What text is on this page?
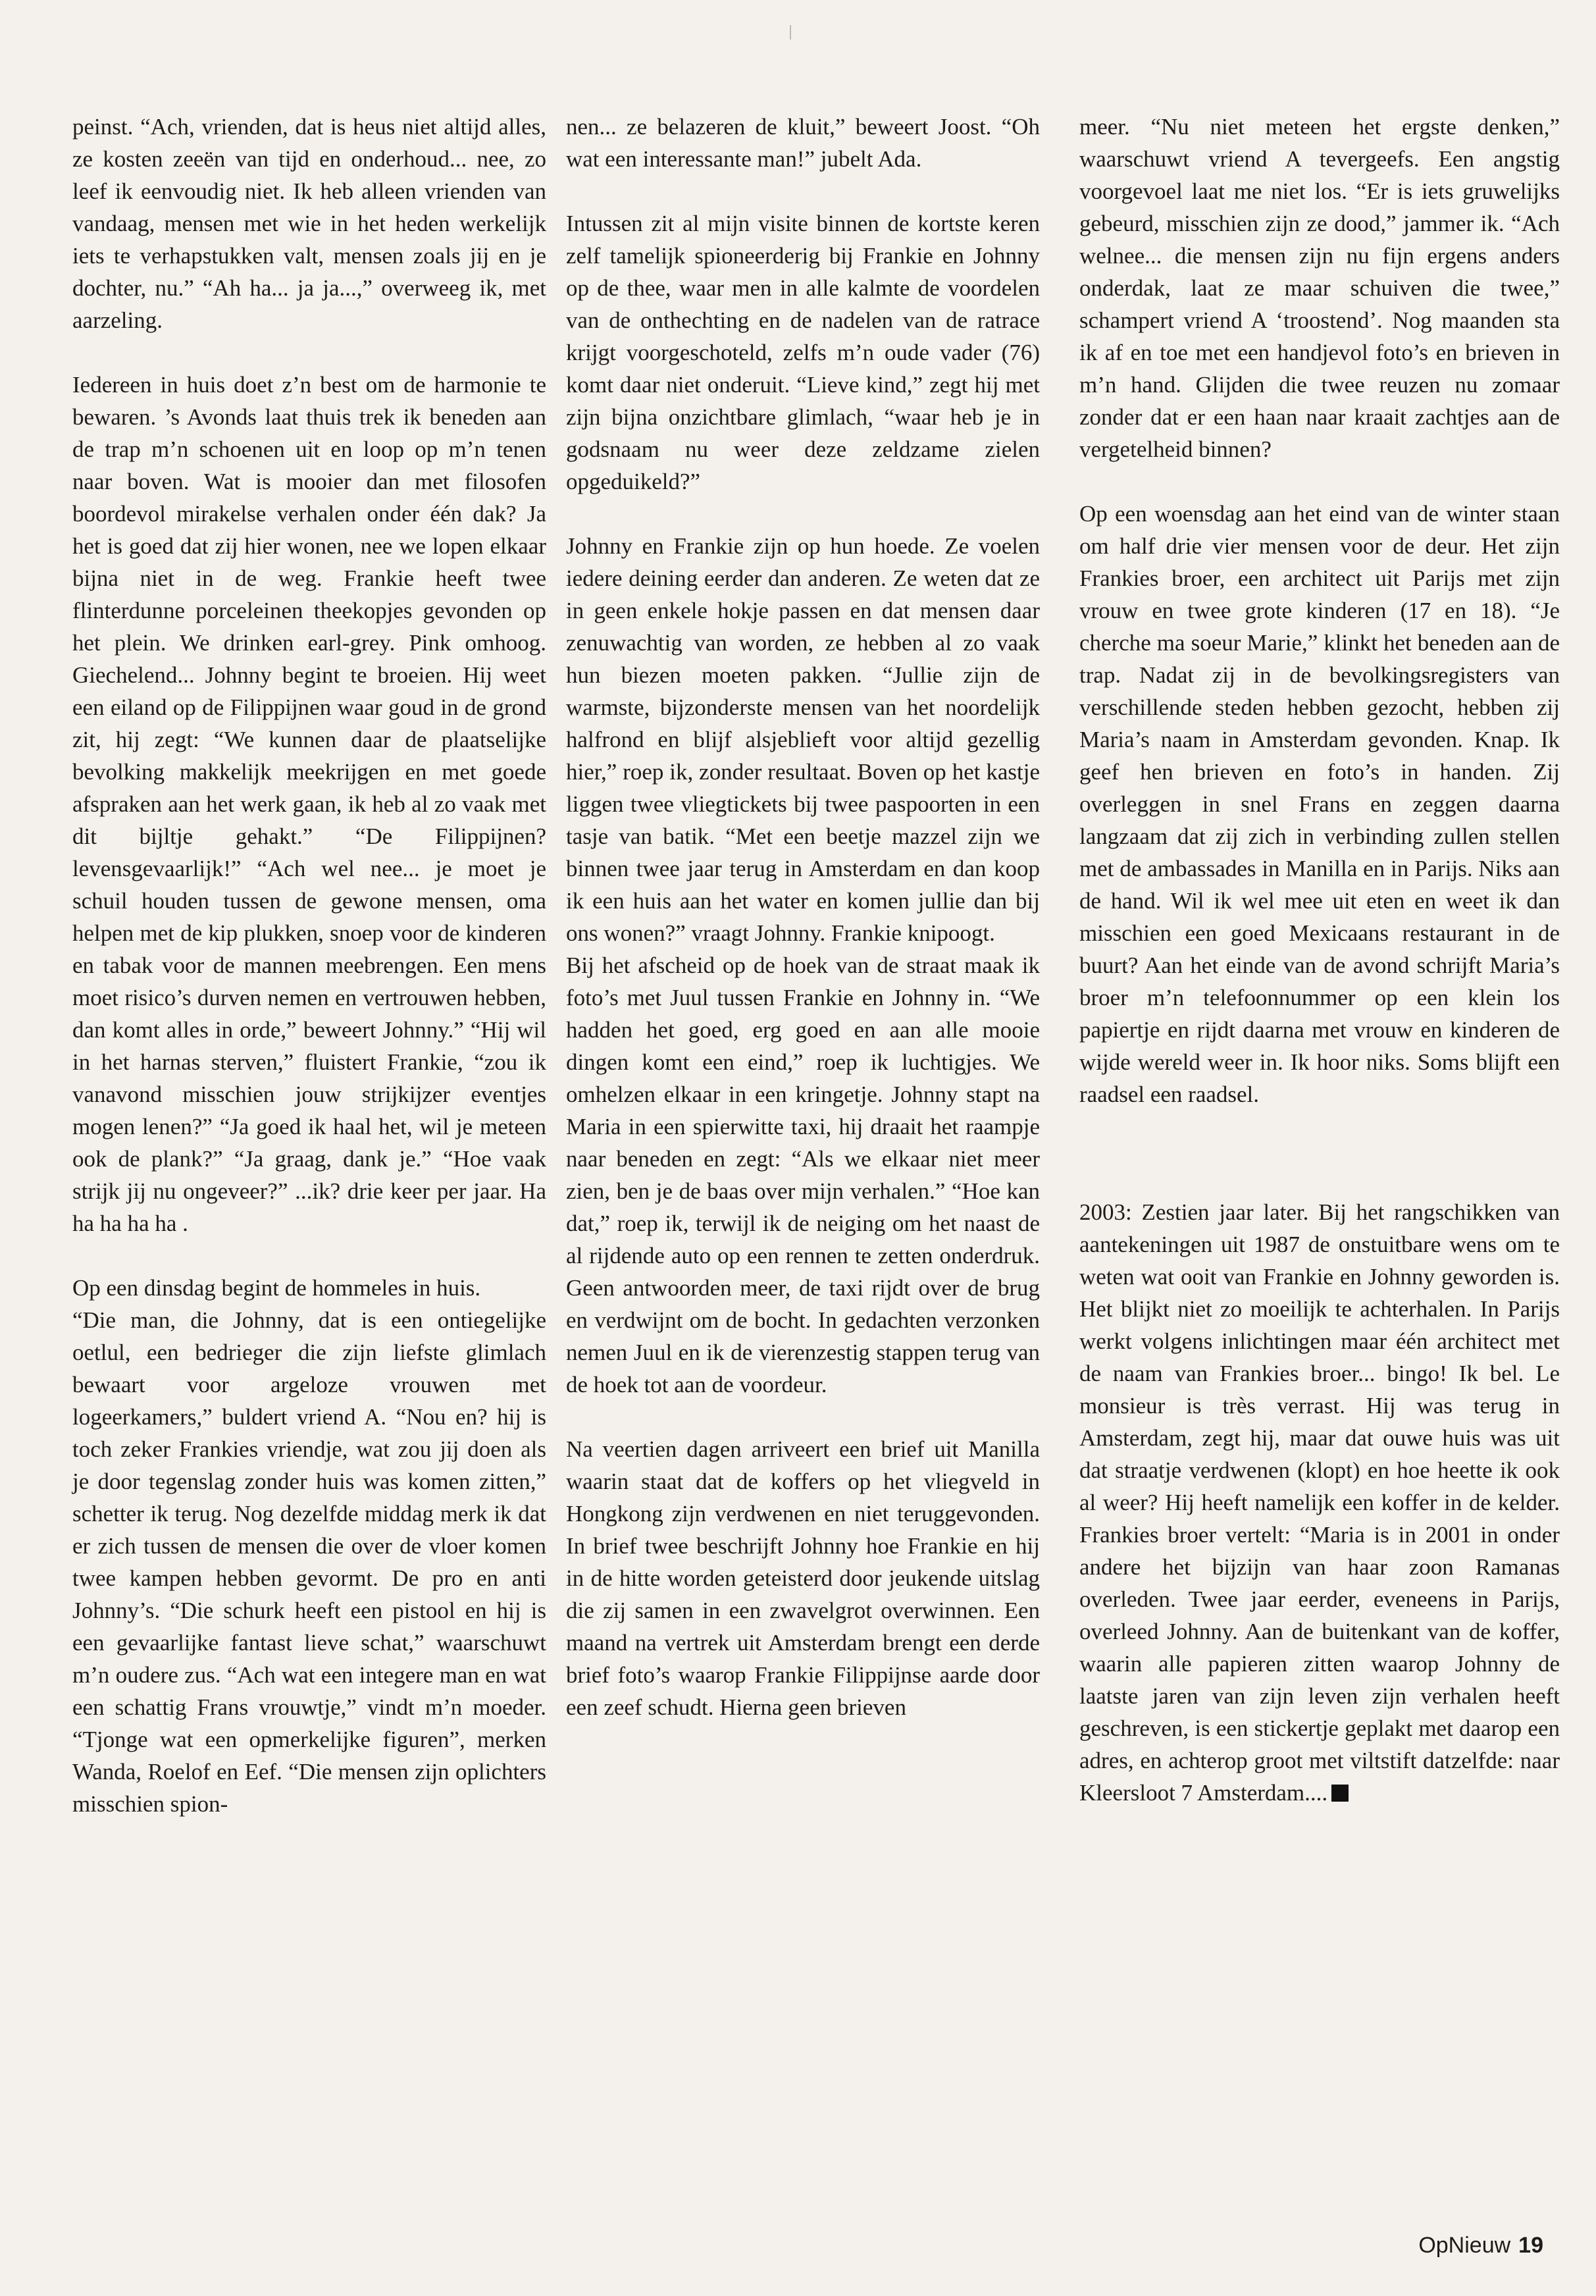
peinst. “Ach, vrienden, dat is heus niet altijd alles, ze kosten zeeën van tijd en onderhoud... nee, zo leef ik eenvoudig niet. Ik heb alleen vrienden van vandaag, mensen met wie in het heden werkelijk iets te verhapstukken valt, mensen zoals jij en je dochter, nu.” “Ah ha... ja ja...,” overweeg ik, met aarzeling.

Iedereen in huis doet z’n best om de harmonie te bewaren. ’s Avonds laat thuis trek ik beneden aan de trap m’n schoenen uit en loop op m’n tenen naar boven. Wat is mooier dan met filosofen boordevol mirakelse verhalen onder één dak? Ja het is goed dat zij hier wonen, nee we lopen elkaar bijna niet in de weg. Frankie heeft twee flinterdunne porceleinen theekopjes gevonden op het plein. We drinken earl-grey. Pink omhoog. Giechelend... Johnny begint te broeien. Hij weet een eiland op de Filippijnen waar goud in de grond zit, hij zegt: “We kunnen daar de plaatselijke bevolking makkelijk meekrijgen en met goede afspraken aan het werk gaan, ik heb al zo vaak met dit bijltje gehakt.” “De Filippijnen? levensgevaarlijk!” “Ach wel nee... je moet je schuil houden tussen de gewone mensen, oma helpen met de kip plukken, snoep voor de kinderen en tabak voor de mannen meebrengen. Een mens moet risico’s durven nemen en vertrouwen hebben, dan komt alles in orde,” beweert Johnny.” “Hij wil in het harnas sterven,” fluistert Frankie, “zou ik vanavond misschien jouw strijkijzer eventjes mogen lenen?” “Ja goed ik haal het, wil je meteen ook de plank?” “Ja graag, dank je.” “Hoe vaak strijk jij nu ongeveer?” ...ik? drie keer per jaar. Ha ha ha ha ha .

Op een dinsdag begint de hommeles in huis.

“Die man, die Johnny, dat is een ontiegelijke oetlul, een bedrieger die zijn liefste glimlach bewaart voor argeloze vrouwen met logeerkamers,” buldert vriend A. “Nou en? hij is toch zeker Frankies vriendje, wat zou jij doen als je door tegenslag zonder huis was komen zitten,” schetter ik terug. Nog dezelfde middag merk ik dat er zich tussen de mensen die over de vloer komen twee kampen hebben gevormt. De pro en anti Johnny’s. “Die schurk heeft een pistool en hij is een gevaarlijke fantast lieve schat,” waarschuwt m’n oudere zus. “Ach wat een integere man en wat een schattig Frans vrouwtje,” vindt m’n moeder. “Tjonge wat een opmerkelijke figuren”, merken Wanda, Roelof en Eef. “Die mensen zijn oplichters misschien spion-

nen... ze belazeren de kluit,” beweert Joost. “Oh wat een interessante man!” jubelt Ada.

Intussen zit al mijn visite binnen de kortste keren zelf tamelijk spioneerderig bij Frankie en Johnny op de thee, waar men in alle kalmte de voordelen van de onthechting en de nadelen van de ratrace krijgt voorgeschoteld, zelfs m’n oude vader (76) komt daar niet onderuit. “Lieve kind,” zegt hij met zijn bijna onzichtbare glimlach, “waar heb je in godsnaam nu weer deze zeldzame zielen opgeduikeld?”

Johnny en Frankie zijn op hun hoede. Ze voelen iedere deining eerder dan anderen. Ze weten dat ze in geen enkele hokje passen en dat mensen daar zenuwachtig van worden, ze hebben al zo vaak hun biezen moeten pakken. “Jullie zijn de warmste, bijzonderste mensen van het noordelijk halfrond en blijf alsjeblieft voor altijd gezellig hier,” roep ik, zonder resultaat. Boven op het kastje liggen twee vliegtickets bij twee paspoorten in een tasje van batik. “Met een beetje mazzel zijn we binnen twee jaar terug in Amsterdam en dan koop ik een huis aan het water en komen jullie dan bij ons wonen?” vraagt Johnny. Frankie knipoogt.

Bij het afscheid op de hoek van de straat maak ik foto’s met Juul tussen Frankie en Johnny in. “We hadden het goed, erg goed en aan alle mooie dingen komt een eind,” roep ik luchtigjes. We omhelzen elkaar in een kringetje. Johnny stapt na Maria in een spierwitte taxi, hij draait het raampje naar beneden en zegt: “Als we elkaar niet meer zien, ben je de baas over mijn verhalen.” “Hoe kan dat,” roep ik, terwijl ik de neiging om het naast de al rijdende auto op een rennen te zetten onderdruk. Geen antwoorden meer, de taxi rijdt over de brug en verdwijnt om de bocht. In gedachten verzonken nemen Juul en ik de vierenzestig stappen terug van de hoek tot aan de voordeur.

Na veertien dagen arriveert een brief uit Manilla waarin staat dat de koffers op het vliegveld in Hongkong zijn verdwenen en niet teruggevonden. In brief twee beschrijft Johnny hoe Frankie en hij in de hitte worden geteisterd door jeukende uitslag die zij samen in een zwavelgrot overwinnen. Een maand na vertrek uit Amsterdam brengt een derde brief foto’s waarop Frankie Filippijnse aarde door een zeef schudt. Hierna geen brieven

meer. “Nu niet meteen het ergste denken,” waarschuwt vriend A tevergeefs. Een angstig voorgevoel laat me niet los. “Er is iets gruwelijks gebeurd, misschien zijn ze dood,” jammer ik. “Ach welnee... die mensen zijn nu fijn ergens anders onderdak, laat ze maar schuiven die twee,” schampert vriend A ‘troostend’. Nog maanden sta ik af en toe met een handjevol foto’s en brieven in m’n hand. Glijden die twee reuzen nu zomaar zonder dat er een haan naar kraait zachtjes aan de vergetelheid binnen?

Op een woensdag aan het eind van de winter staan om half drie vier mensen voor de deur. Het zijn Frankies broer, een architect uit Parijs met zijn vrouw en twee grote kinderen (17 en 18). “Je cherche ma soeur Marie,” klinkt het beneden aan de trap. Nadat zij in de bevolkingsregisters van verschillende steden hebben gezocht, hebben zij Maria’s naam in Amsterdam gevonden. Knap. Ik geef hen brieven en foto’s in handen. Zij overleggen in snel Frans en zeggen daarna langzaam dat zij zich in verbinding zullen stellen met de ambassades in Manilla en in Parijs. Niks aan de hand. Wil ik wel mee uit eten en weet ik dan misschien een goed Mexicaans restaurant in de buurt? Aan het einde van de avond schrijft Maria’s broer m’n telefoonnummer op een klein los papiertje en rijdt daarna met vrouw en kinderen de wijde wereld weer in. Ik hoor niks. Soms blijft een raadsel een raadsel.

2003: Zestien jaar later. Bij het rangschikken van aantekeningen uit 1987 de onstuitbare wens om te weten wat ooit van Frankie en Johnny geworden is. Het blijkt niet zo moeilijk te achterhalen. In Parijs werkt volgens inlichtingen maar één architect met de naam van Frankies broer... bingo! Ik bel. Le monsieur is très verrast. Hij was terug in Amsterdam, zegt hij, maar dat ouwe huis was uit dat straatje verdwenen (klopt) en hoe heette ik ook al weer? Hij heeft namelijk een koffer in de kelder. Frankies broer vertelt: “Maria is in 2001 in onder andere het bijzijn van haar zoon Ramanas overleden. Twee jaar eerder, eveneens in Parijs, overleed Johnny. Aan de buitenkant van de koffer, waarin alle papieren zitten waarop Johnny de laatste jaren van zijn leven zijn verhalen heeft geschreven, is een stickertje geplakt met daarop een adres, en achterop groot met viltstift datzelfde: naar Kleersloot 7 Amsterdam....

OpNieuw 19
